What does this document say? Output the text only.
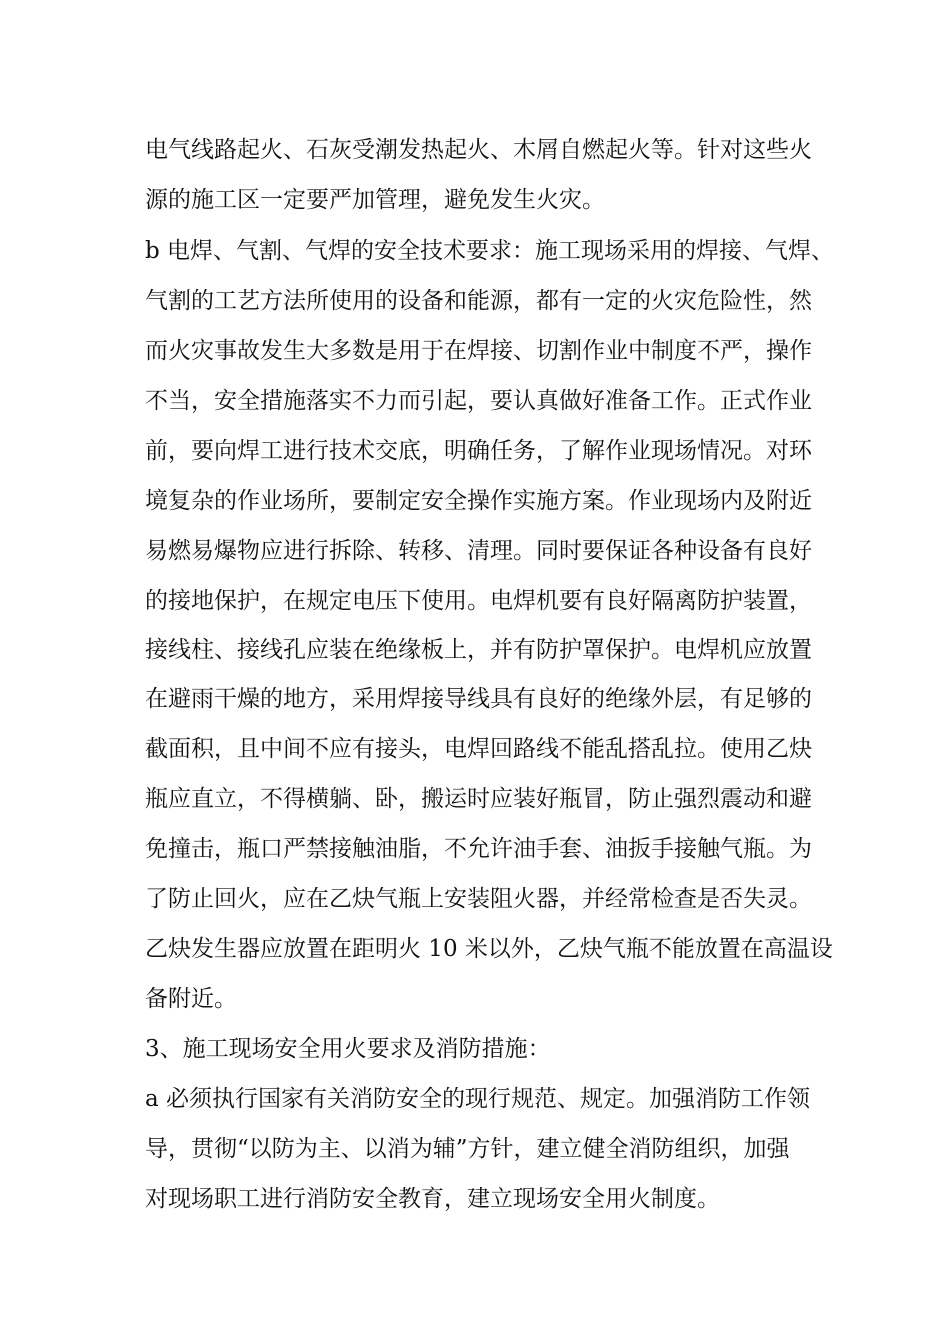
电气线路起火、石灰受潮发热起火、木屑自燃起火等。针对这些火
源的施工区一定要严加管理，避免发生火灾。
b 电焊、气割、气焊的安全技术要求：施工现场采用的焊接、气焊、
气割的工艺方法所使用的设备和能源，都有一定的火灾危险性，然
而火灾事故发生大多数是用于在焊接、切割作业中制度不严，操作
不当，安全措施落实不力而引起，要认真做好准备工作。正式作业
前，要向焊工进行技术交底，明确任务，了解作业现场情况。对环
境复杂的作业场所，要制定安全操作实施方案。作业现场内及附近
易燃易爆物应进行拆除、转移、清理。同时要保证各种设备有良好
的接地保护，在规定电压下使用。电焊机要有良好隔离防护装置，
接线柱、接线孔应装在绝缘板上，并有防护罩保护。电焊机应放置
在避雨干燥的地方，采用焊接导线具有良好的绝缘外层，有足够的
截面积，且中间不应有接头，电焊回路线不能乱搭乱拉。使用乙炔
瓶应直立，不得横躺、卧，搬运时应装好瓶冒，防止强烈震动和避
免撞击，瓶口严禁接触油脂，不允许油手套、油扳手接触气瓶。为
了防止回火，应在乙炔气瓶上安装阻火器，并经常检查是否失灵。
乙炔发生器应放置在距明火 10 米以外，乙炔气瓶不能放置在高温设
备附近。
3、施工现场安全用火要求及消防措施：
a 必须执行国家有关消防安全的现行规范、规定。加强消防工作领
导，贯彻“以防为主、以消为辅”方针，建立健全消防组织，加强
对现场职工进行消防安全教育，建立现场安全用火制度。
